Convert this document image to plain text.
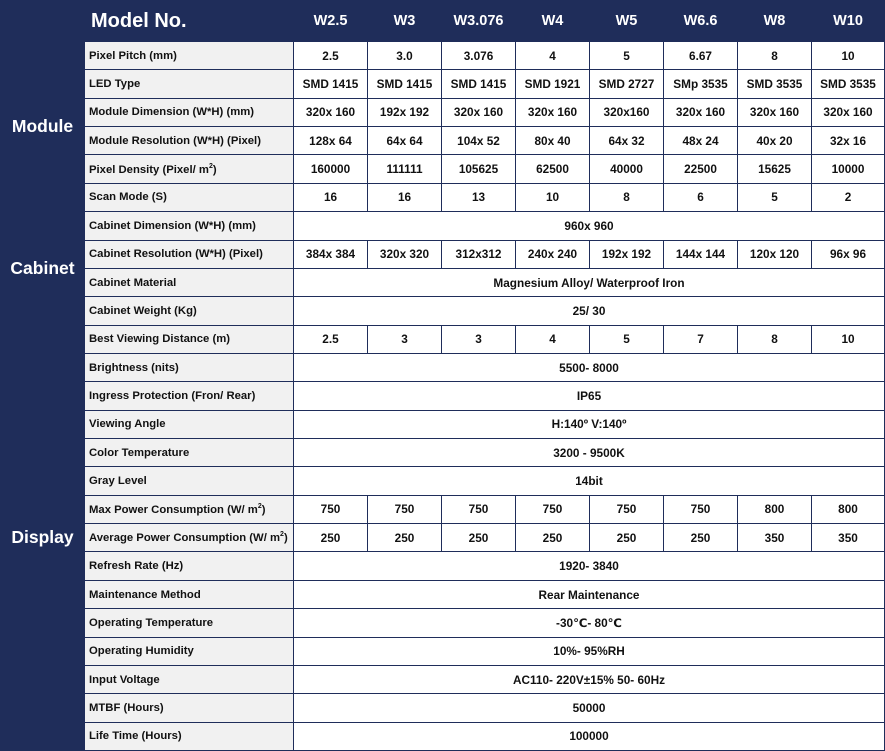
	Model No.	W2.5	W3	W3.076	W4	W5	W6.6	W8	W10
Module	Pixel Pitch (mm)	2.5	3.0	3.076	4	5	6.67	8	10
	LED Type	SMD 1415	SMD 1415	SMD 1415	SMD 1921	SMD 2727	SMp 3535	SMD 3535	SMD 3535
	Module Dimension (W*H) (mm)	320x 160	192x 192	320x 160	320x 160	320x160	320x 160	320x 160	320x 160
	Module Resolution (W*H) (Pixel)	128x 64	64x 64	104x 52	80x 40	64x 32	48x 24	40x 20	32x 16
	Pixel Density (Pixel/ $m^2$)	160000	111111	105625	62500	40000	22500	15625	10000
	Scan Mode (S)	16	16	13	10	8	6	5	2
Cabinet	Cabinet Dimension (W*H) (mm)	960x 960							
	Cabinet Resolution (W*H) (Pixel)	384x 384	320x 320	312x312	240x 240	192x 192	144x 144	120x 120	96x 96
	Cabinet Material	Magnesium Alloy/ Waterproof Iron							
	Cabinet Weight (Kg)	25/ 30							
Display	Best Viewing Distance (m)	2.5	3	3	4	5	7	8	10
	Brightness (nits)	5500- 8000							
	Ingress Protection (Fron/ Rear)	IP65							
	Viewing Angle	H:140º V:140º							
	Color Temperature	3200 - 9500K							
	Gray Level	14bit							
	Max Power Consumption (W/ $m^2$)	750	750	750	750	750	750	800	800
	Average Power Consumption (W/ $m^2$)	250	250	250	250	250	250	350	350
	Refresh Rate (Hz)	1920- 3840							
	Maintenance Method	Rear Maintenance							
	Operating Temperature	-30℃- 80℃							
	Operating Humidity	10%- 95%RH							
	Input Voltage	AC110- 220V±15% 50- 60Hz							
	MTBF (Hours)	50000							
	Life Time (Hours)	100000							
